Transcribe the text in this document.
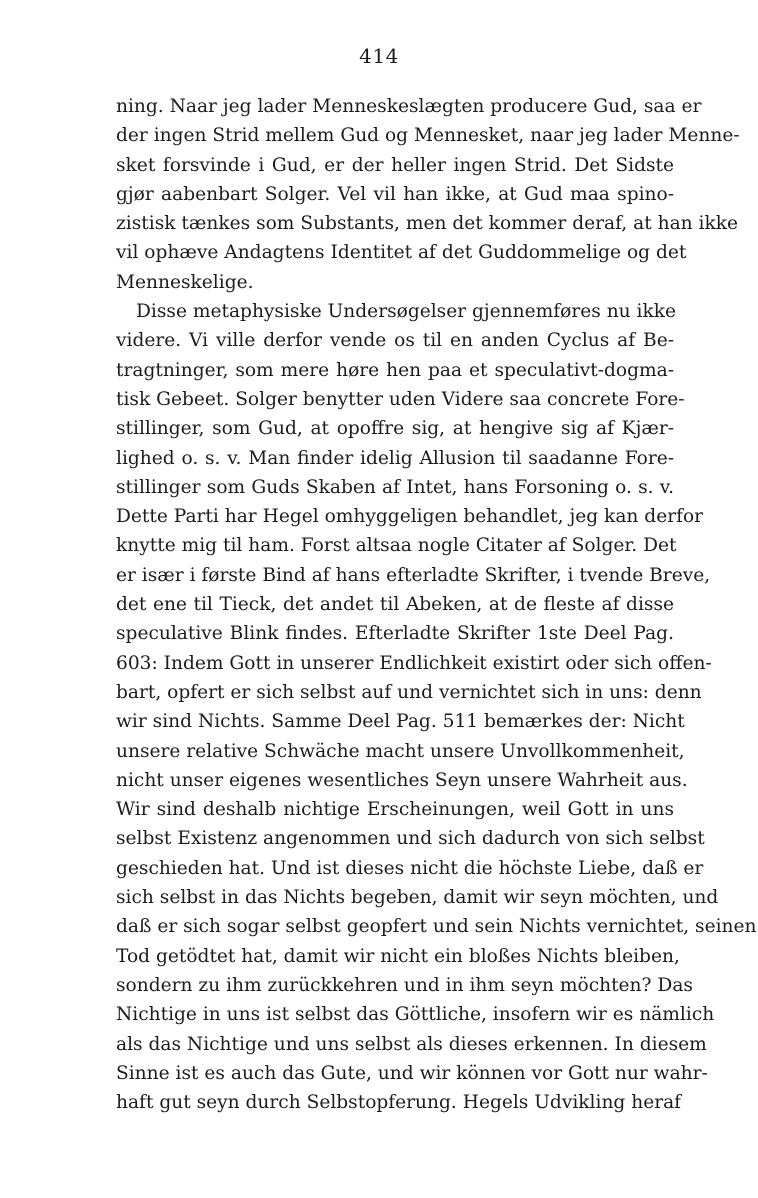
414
ning. Naar jeg lader Menneskeslægten producere Gud, saa er
der ingen Strid mellem Gud og Mennesket, naar jeg lader Menne-
sket forsvinde i Gud, er der heller ingen Strid. Det Sidste
gjør aabenbart Solger. Vel vil han ikke, at Gud maa spino-
zistisk tænkes som Substants, men det kommer deraf, at han ikke
vil ophæve Andagtens Identitet af det Guddommelige og det
Menneskelige.
Disse metaphysiske Undersøgelser gjennemføres nu ikke
videre. Vi ville derfor vende os til en anden Cyclus af Be-
tragtninger, som mere høre hen paa et speculativt-dogma-
tisk Gebeet. Solger benytter uden Videre saa concrete Fore-
stillinger, som Gud, at opoffre sig, at hengive sig af Kjær-
lighed o. s. v. Man finder idelig Allusion til saadanne Fore-
stillinger som Guds Skaben af Intet, hans Forsoning o. s. v.
Dette Parti har Hegel omhyggeligen behandlet, jeg kan derfor
knytte mig til ham. Forst altsaa nogle Citater af Solger. Det
er især i første Bind af hans efterladte Skrifter, i tvende Breve,
det ene til Tieck, det andet til Abeken, at de fleste af disse
speculative Blink findes. Efterladte Skrifter 1ste Deel Pag.
603: Indem Gott in unserer Endlichkeit existirt oder sich offen-
bart, opfert er sich selbst auf und vernichtet sich in uns: denn
wir sind Nichts. Samme Deel Pag. 511 bemærkes der: Nicht
unsere relative Schwäche macht unsere Unvollkommenheit,
nicht unser eigenes wesentliches Seyn unsere Wahrheit aus.
Wir sind deshalb nichtige Erscheinungen, weil Gott in uns
selbst Existenz angenommen und sich dadurch von sich selbst
geschieden hat. Und ist dieses nicht die höchste Liebe, daß er
sich selbst in das Nichts begeben, damit wir seyn möchten, und
daß er sich sogar selbst geopfert und sein Nichts vernichtet, seinen
Tod getödtet hat, damit wir nicht ein bloßes Nichts bleiben,
sondern zu ihm zurückkehren und in ihm seyn möchten? Das
Nichtige in uns ist selbst das Göttliche, insofern wir es nämlich
als das Nichtige und uns selbst als dieses erkennen. In diesem
Sinne ist es auch das Gute, und wir können vor Gott nur wahr-
haft gut seyn durch Selbstopferung. Hegels Udvikling heraf
